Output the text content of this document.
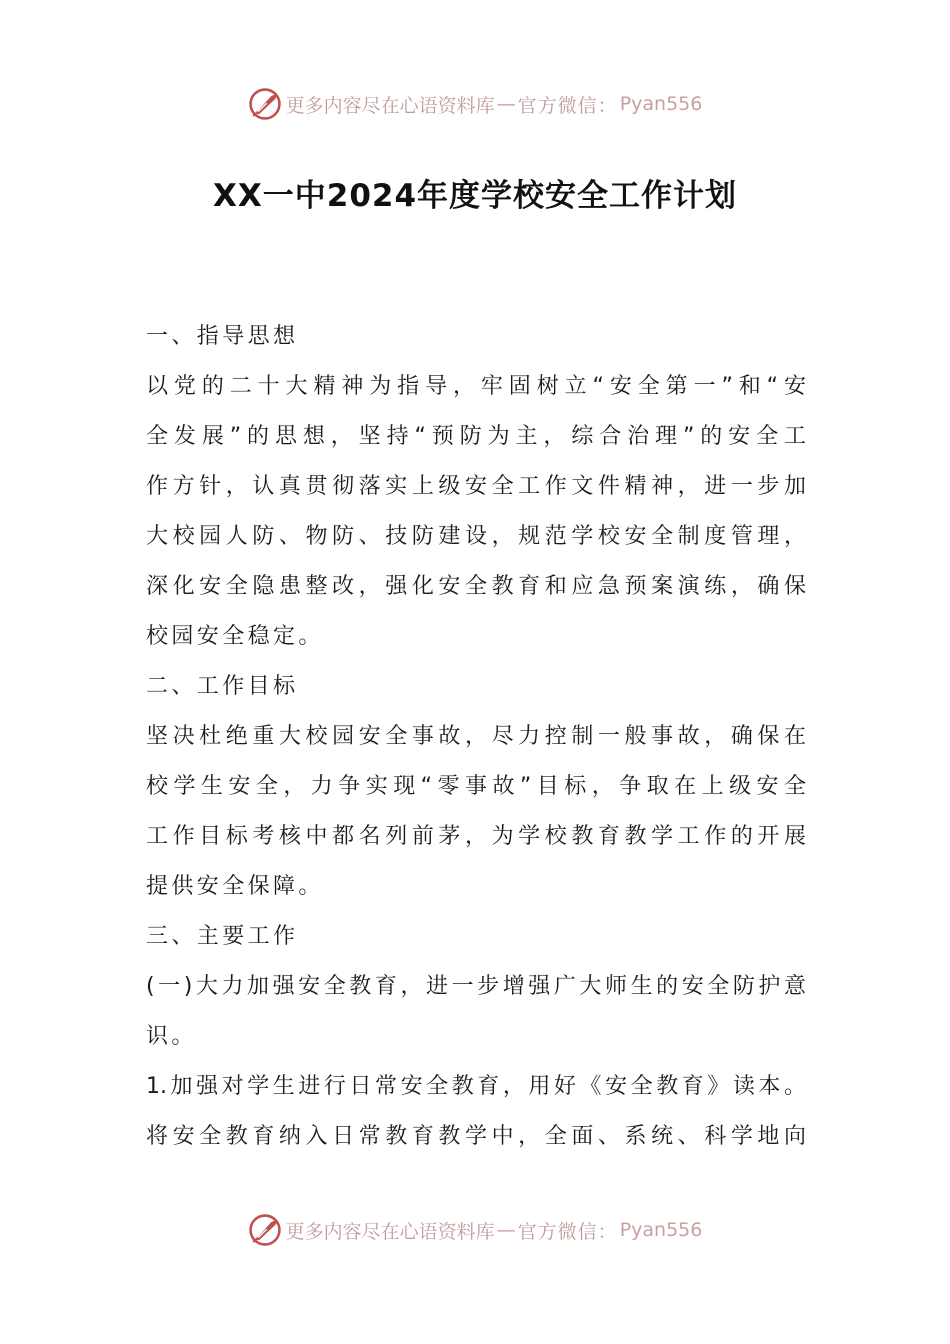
更多内容尽在心语资料库 — 官方微信： Pyan556
XX一中2024年度学校安全工作计划
一、指导思想
以党的二十大精神为指导，牢固树立“安全第一”和“安
全发展”的思想，坚持“预防为主，综合治理”的安全工
作方针，认真贯彻落实上级安全工作文件精神，进一步加
大校园人防、物防、技防建设，规范学校安全制度管理，
深化安全隐患整改，强化安全教育和应急预案演练，确保
校园安全稳定。
二、工作目标
坚决杜绝重大校园安全事故，尽力控制一般事故，确保在
校学生安全，力争实现“零事故”目标，争取在上级安全
工作目标考核中都名列前茅，为学校教育教学工作的开展
提供安全保障。
三、主要工作
(一)大力加强安全教育，进一步增强广大师生的安全防护意
识。
1.加强对学生进行日常安全教育，用好《安全教育》读本。
将安全教育纳入日常教育教学中，全面、系统、科学地向
更多内容尽在心语资料库 — 官方微信： Pyan556
